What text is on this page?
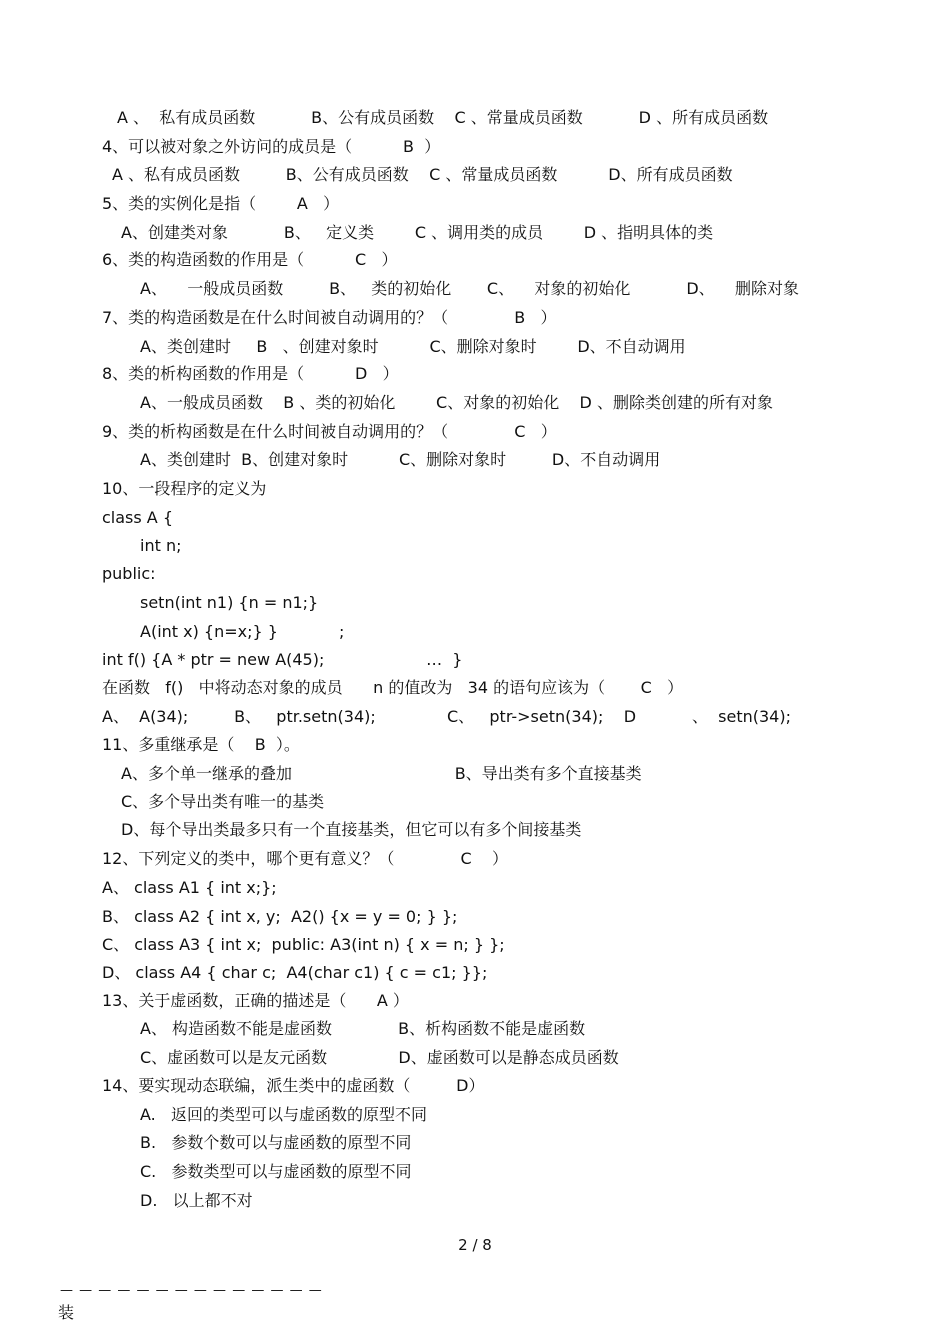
A 、  私有成员函数           B、公有成员函数    C 、常量成员函数           D 、所有成员函数
4、可以被对象之外访问的成员是（          B  ）
A 、私有成员函数         B、公有成员函数    C 、常量成员函数          D、所有成员函数
5、类的实例化是指（        A   ）
A、创建类对象           B、   定义类        C 、调用类的成员        D 、指明具体的类
6、类的构造函数的作用是（          C   ）
A、    一般成员函数         B、   类的初始化       C、    对象的初始化           D、    删除对象
7、类的构造函数是在什么时间被自动调用的？（             B   ）
A、类创建时     B   、创建对象时          C、删除对象时        D、不自动调用
8、类的析构函数的作用是（          D   ）
A、一般成员函数    B 、类的初始化        C、对象的初始化    D 、删除类创建的所有对象
9、类的析构函数是在什么时间被自动调用的？（             C   ）
A、类创建时  B、创建对象时          C、删除对象时         D、不自动调用
10、一段程序的定义为
class A {
int n;
public:
setn(int n1) {n = n1;}
A(int x) {n=x;} }            ;
int f() {A * ptr = new A(45);                    …  }
在函数   f()   中将动态对象的成员      n 的值改为   34 的语句应该为（       C   ）
A、  A(34);         B、   ptr.setn(34);              C、   ptr->setn(34);    D           、  setn(34);
11、多重继承是（    B  ）。
A、多个单一继承的叠加                                B、导出类有多个直接基类
C、多个导出类有唯一的基类
D、每个导出类最多只有一个直接基类，但它可以有多个间接基类
12、下列定义的类中，哪个更有意义？（             C    ）
A、 class A1 { int x;};
B、 class A2 { int x, y;  A2() {x = y = 0; } };
C、 class A3 { int x;  public: A3(int n) { x = n; } };
D、 class A4 { char c;  A4(char c1) { c = c1; }};
13、关于虚函数，正确的描述是（      A ）
A、 构造函数不能是虚函数             B、析构函数不能是虚函数
C、虚函数可以是友元函数              D、虚函数可以是静态成员函数
14、要实现动态联编，派生类中的虚函数（         D）
A.   返回的类型可以与虚函数的原型不同
B.   参数个数可以与虚函数的原型不同
C.   参数类型可以与虚函数的原型不同
D.   以上都不对
2 / 8
— — — — — — — — — — — — — —
装
